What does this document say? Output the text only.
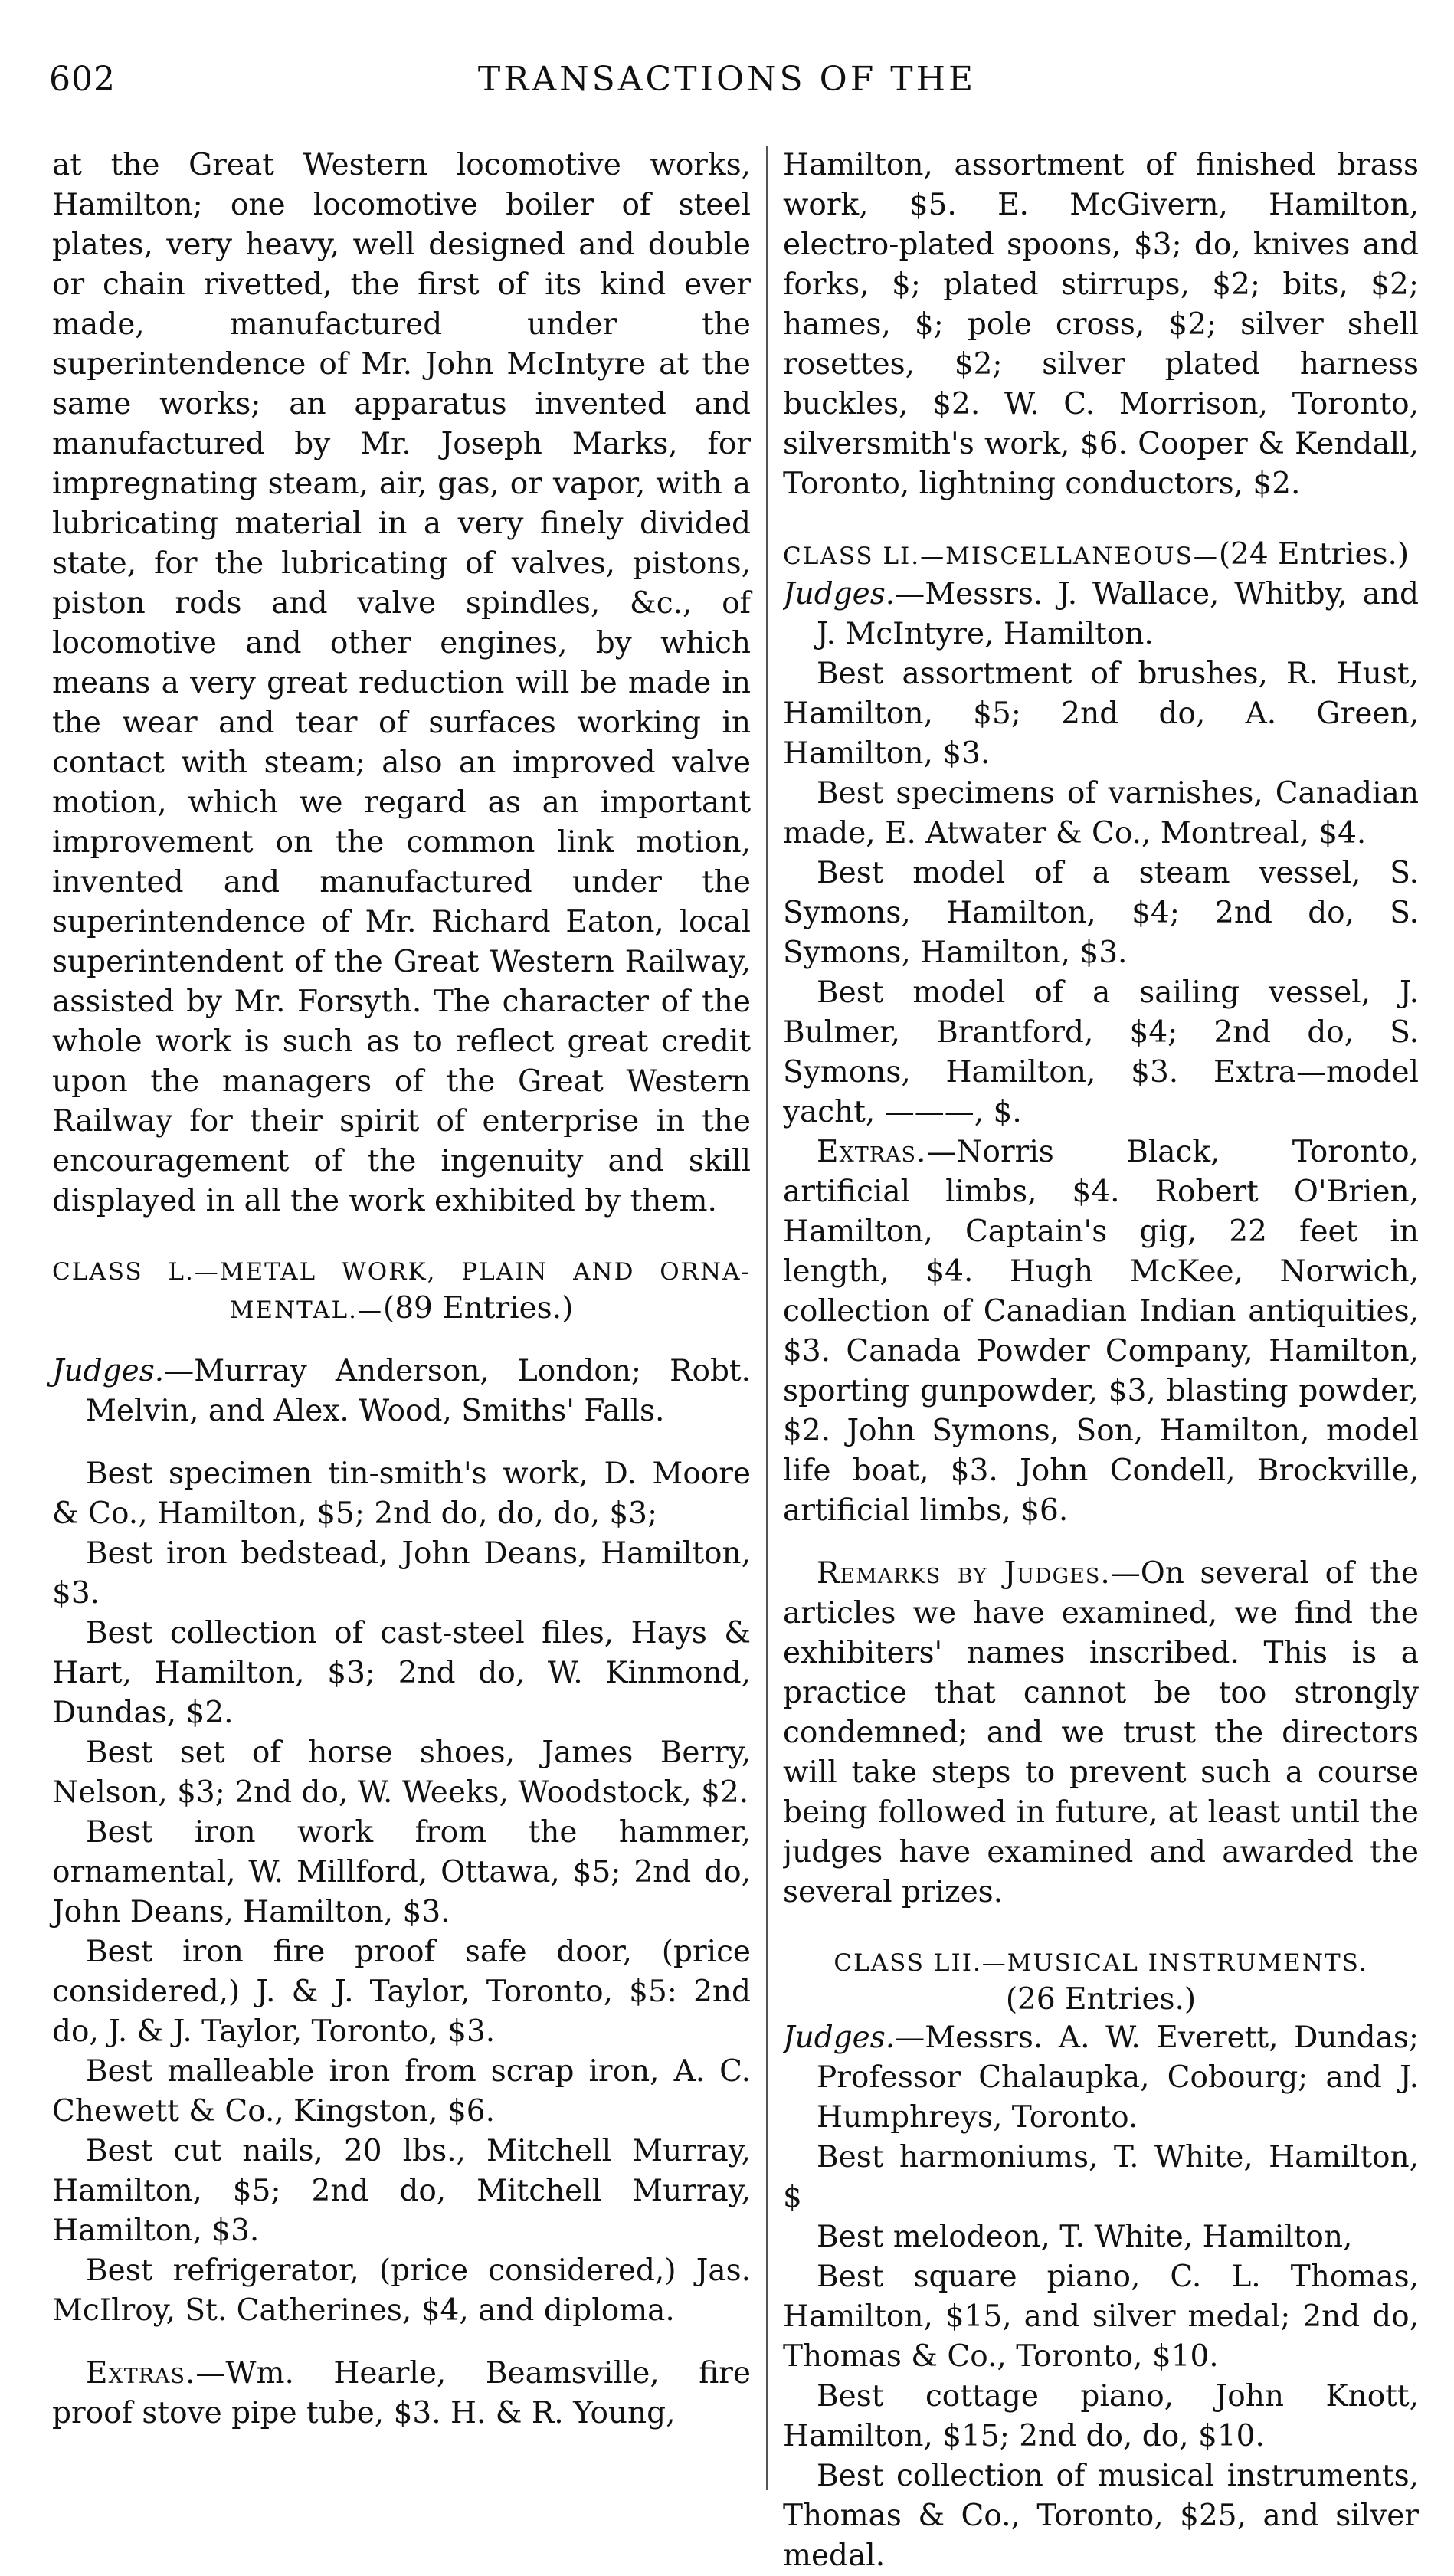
TRANSACTIONS OF THE
602

at the Great Western locomotive works, Hamilton; one locomotive boiler of steel plates, very heavy, well designed and double or chain rivetted, the first of its kind ever made, manufactured under the superintendence of Mr. John McIntyre at the same works; an apparatus invented and manufactured by Mr. Joseph Marks, for impregnating steam, air, gas, or vapor, with a lubricating material in a very finely divided state, for the lubricating of valves, pistons, piston rods and valve spindles, &c., of locomotive and other engines, by which means a very great reduction will be made in the wear and tear of surfaces working in contact with steam; also an improved valve motion, which we regard as an important improvement on the common link motion, invented and manufactured under the superintendence of Mr. Richard Eaton, local superintendent of the Great Western Railway, assisted by Mr. Forsyth. The character of the whole work is such as to reflect great credit upon the managers of the Great Western Railway for their spirit of enterprise in the encouragement of the ingenuity and skill displayed in all the work exhibited by them.

CLASS L.—METAL WORK, PLAIN AND ORNA-

MENTAL.—(89 Entries.)

Judges.—Murray Anderson, London; Robt. Melvin, and Alex. Wood, Smiths' Falls.

Best specimen tin-smith's work, D. Moore & Co., Hamilton, $5; 2nd do, do, do, $3;

Best iron bedstead, John Deans, Hamilton, $3.

Best collection of cast-steel files, Hays & Hart, Hamilton, $3; 2nd do, W. Kinmond, Dundas, $2.

Best set of horse shoes, James Berry, Nelson, $3; 2nd do, W. Weeks, Woodstock, $2.

Best iron work from the hammer, ornamental, W. Millford, Ottawa, $5; 2nd do, John Deans, Hamilton, $3.

Best iron fire proof safe door, (price considered,) J. & J. Taylor, Toronto, $5: 2nd do, J. & J. Taylor, Toronto, $3.

Best malleable iron from scrap iron, A. C. Chewett & Co., Kingston, $6.

Best cut nails, 20 lbs., Mitchell Murray, Hamilton, $5; 2nd do, Mitchell Murray, Hamilton, $3.

Best refrigerator, (price considered,) Jas. McIlroy, St. Catherines, $4, and diploma.

Extras.—Wm. Hearle, Beamsville, fire proof stove pipe tube, $3. H. & R. Young,

Hamilton, assortment of finished brass work, $5. E. McGivern, Hamilton, electro-plated spoons, $3; do, knives and forks, $; plated stirrups, $2; bits, $2; hames, $; pole cross, $2; silver shell rosettes, $2; silver plated harness buckles, $2. W. C. Morrison, Toronto, silversmith's work, $6. Cooper & Kendall, Toronto, lightning conductors, $2.

CLASS LI.—MISCELLANEOUS—(24 Entries.)

Judges.—Messrs. J. Wallace, Whitby, and J. McIntyre, Hamilton.

Best assortment of brushes, R. Hust, Hamilton, $5; 2nd do, A. Green, Hamilton, $3.

Best specimens of varnishes, Canadian made, E. Atwater & Co., Montreal, $4.

Best model of a steam vessel, S. Symons, Hamilton, $4; 2nd do, S. Symons, Hamilton, $3.

Best model of a sailing vessel, J. Bulmer, Brantford, $4; 2nd do, S. Symons, Hamilton, $3. Extra—model yacht, ———, $.

Extras.—Norris Black, Toronto, artificial limbs, $4. Robert O'Brien, Hamilton, Captain's gig, 22 feet in length, $4. Hugh McKee, Norwich, collection of Canadian Indian antiquities, $3. Canada Powder Company, Hamilton, sporting gunpowder, $3, blasting powder, $2. John Symons, Son, Hamilton, model life boat, $3. John Condell, Brockville, artificial limbs, $6.

Remarks by Judges.—On several of the articles we have examined, we find the exhibiters' names inscribed. This is a practice that cannot be too strongly condemned; and we trust the directors will take steps to prevent such a course being followed in future, at least until the judges have examined and awarded the several prizes.

CLASS LII.—MUSICAL INSTRUMENTS.

(26 Entries.)

Judges.—Messrs. A. W. Everett, Dundas; Professor Chalaupka, Cobourg; and J. Humphreys, Toronto.

Best harmoniums, T. White, Hamilton, $

Best melodeon, T. White, Hamilton,

Best square piano, C. L. Thomas, Hamilton, $15, and silver medal; 2nd do, Thomas & Co., Toronto, $10.

Best cottage piano, John Knott, Hamilton, $15; 2nd do, do, $10.

Best collection of musical instruments, Thomas & Co., Toronto, $25, and silver medal.
